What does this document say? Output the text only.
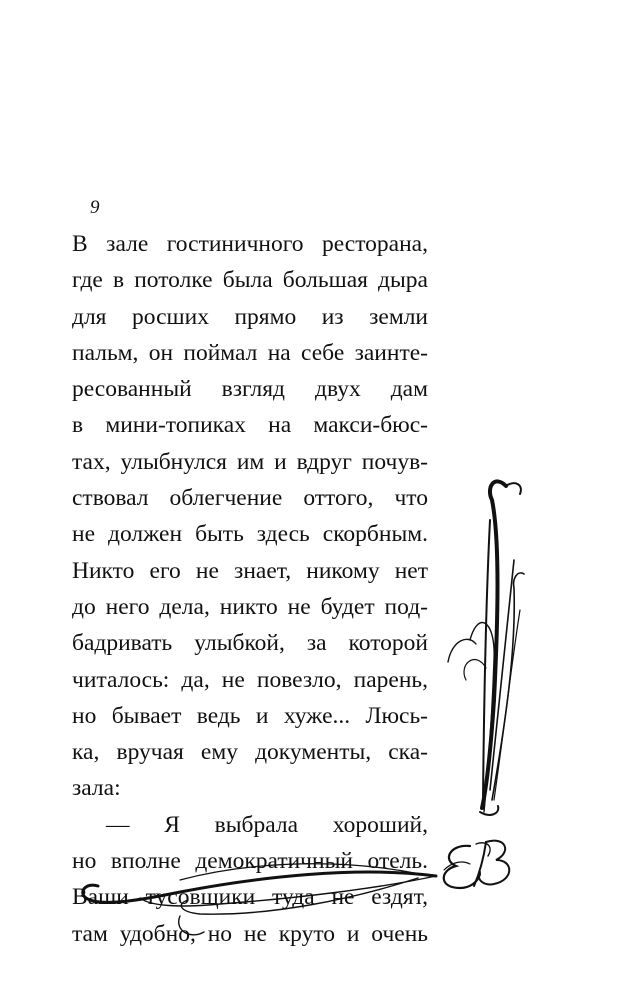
9
В зале гостиничного ресторана,
где в потолке была большая дыра
для росших прямо из земли
пальм, он поймал на себе заинте-
ресованный взгляд двух дам
в мини-топиках на макси-бюс-
тах, улыбнулся им и вдруг почув-
ствовал облегчение оттого, что
не должен быть здесь скорбным.
Никто его не знает, никому нет
до него дела, никто не будет под-
бадривать улыбкой, за которой
читалось: да, не повезло, парень,
но бывает ведь и хуже... Люсь-
ка, вручая ему документы, ска-
зала:
— Я выбрала хороший,
но вполне демократичный отель.
Ваши тусовщики туда не ездят,
там удобно, но не круто и очень
